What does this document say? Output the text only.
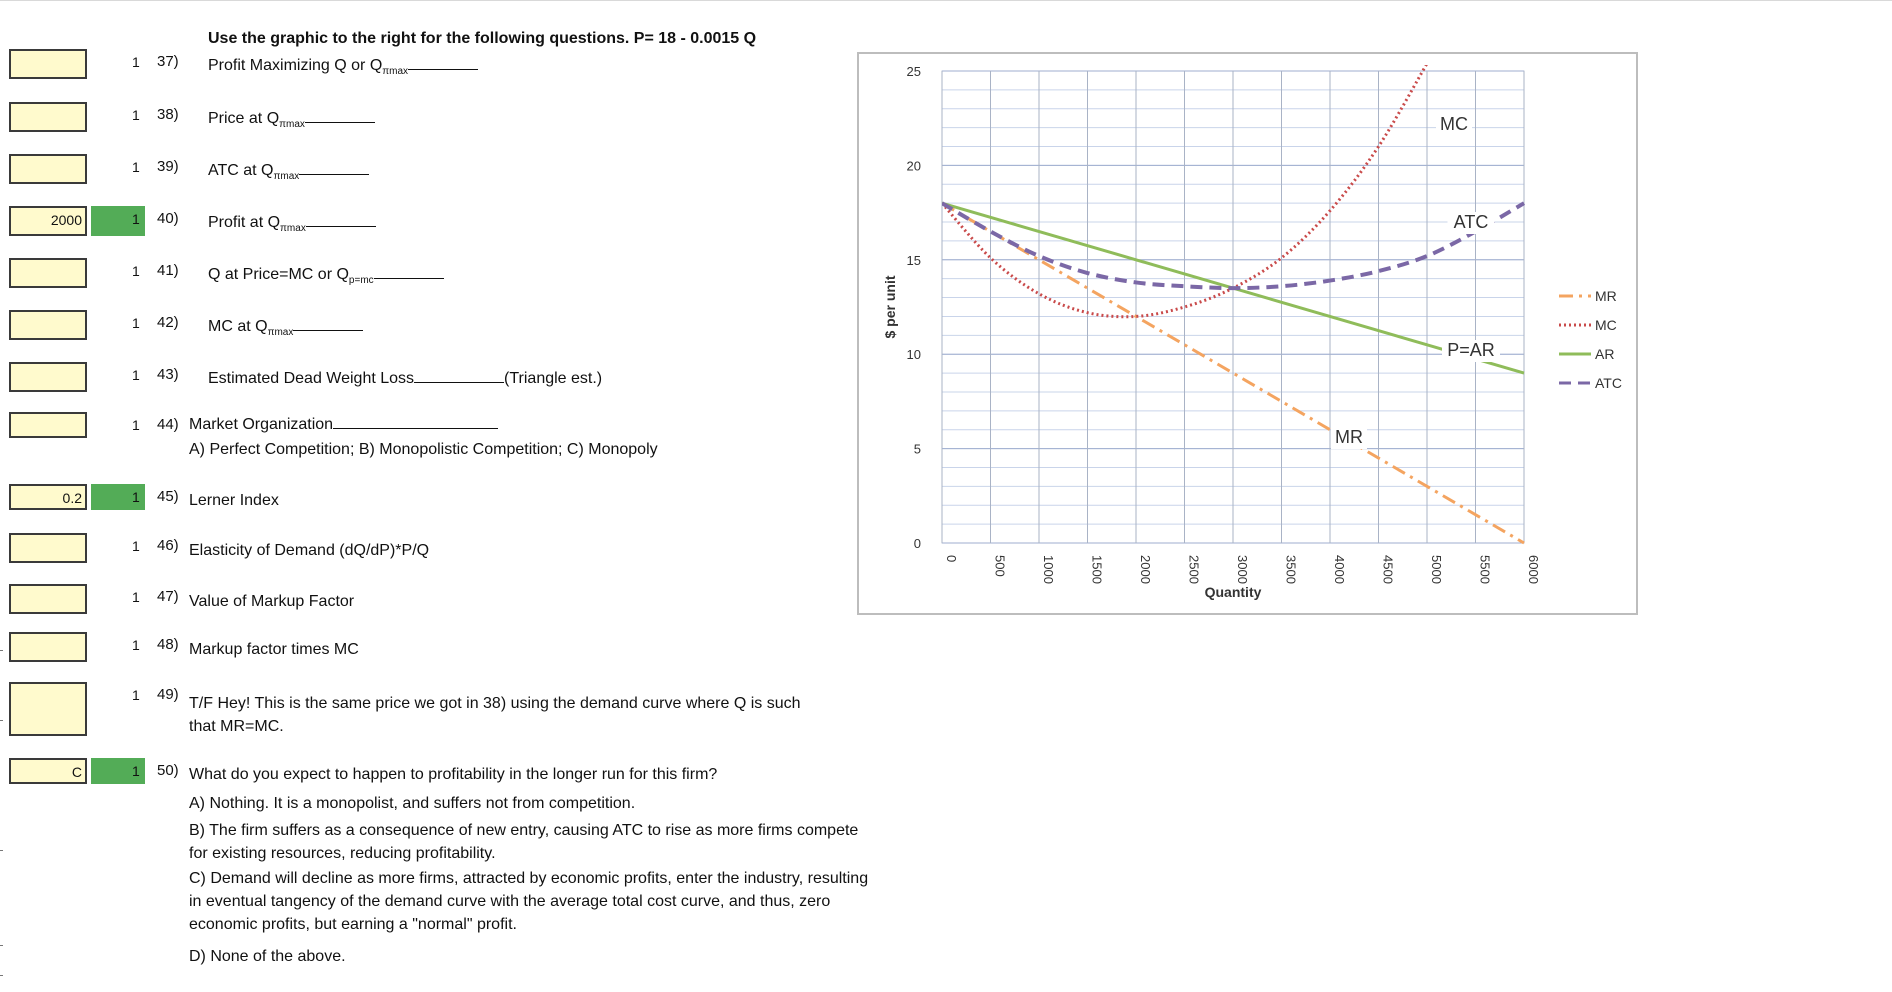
Use the graphic to the right for the following questions. P= 18 - 0.0015 Q
1 37) Profit Maximizing Q or $Q_{\pi max}$
1 38) Price at $Q_{\pi max}$
1 39) ATC at $Q_{\pi max}$
2000	1 40) Profit at $Q_{\pi max}$
1 41) Q at Price=MC or $Q_{p=mc}$
1 42) MC at $Q_{\pi max}$
1 43) Estimated Dead Weight Loss	(Triangle est.)
1 44) Market Organization
A) Perfect Competition; B) Monopolistic Competition; C) Monopoly
0.2	1 45) Lerner Index
1 46) Elasticity of Demand (dQ/dP)*P/Q
1 47) Value of Markup Factor
1 48) Markup factor times MC
1 49)
T/F Hey! This is the same price we got in 38) using the demand curve where Q is such that MR=MC.
C	1 50) What do you expect to happen to profitability in the longer run for this firm?
A) Nothing. It is a monopolist, and suffers not from competition.
B) The firm suffers as a consequence of new entry, causing ATC to rise as more firms compete for existing resources, reducing profitability.
C) Demand will decline as more firms, attracted by economic profits, enter the industry, resulting in eventual tangency of the demand curve with the average total cost curve, and thus, zero economic profits, but earning a "normal" profit.
D) None of the above.
0
5
10
15
20
25
0	500	1000	1500	2000	2500	3000	3500	4000	4500	5000	5500	6000
Quantity
$ per unit
MR
MC
P=AR
ATC
MR
MC
AR
ATC
